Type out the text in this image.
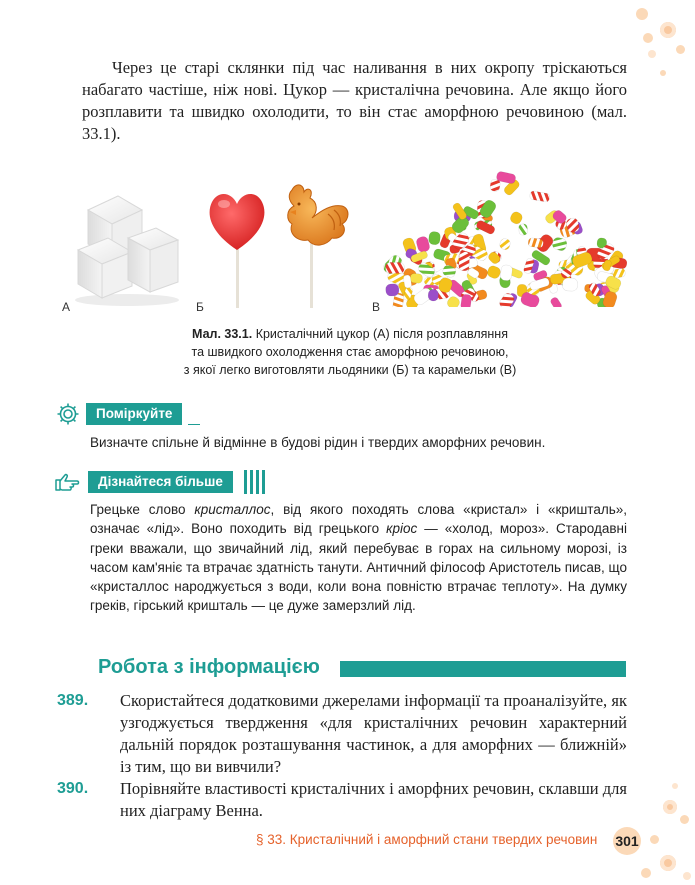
Через це старі склянки під час наливання в них окропу тріскаються набагато частіше, ніж нові. Цукор — кристалічна речовина. Але якщо його розплавити та швидко охолодити, то він стає аморфною речовиною (мал. 33.1).

А	Б	В
Мал. 33.1. Кристалічний цукор (А) після розплавляння
та швидкого охолодження стає аморфною речовиною,
з якої легко виготовляти льодяники (Б) та карамельки (В)
Поміркуйте
Визначте спільне й відмінне в будові рідин і твердих аморфних речовин.
Дізнайтеся більше

Грецьке слово кристаллос, від якого походять слова «кристал» і «кришталь», означає «лід». Воно походить від грецького кріос — «холод, мороз». Стародавні греки вважали, що звичайний лід, який перебуває в горах на сильному морозі, із часом кам'яніє та втрачає здатність танути. Античний філософ Аристотель писав, що «кристаллос народжується з води, коли вона повністю втрачає теплоту». На думку греків, гірський кришталь — це дуже замерзлий лід.

Робота з інформацією
389. Скористайтеся додатковими джерелами інформації та проаналізуйте, як узгоджується твердження «для кристалічних речовин характерний дальній порядок розташування частинок, а для аморфних — ближній» із тим, що ви вивчили?
390. Порівняйте властивості кристалічних і аморфних речовин, склавши для них діаграму Венна.
§ 33. Кристалічний і аморфний стани твердих речовин 301
